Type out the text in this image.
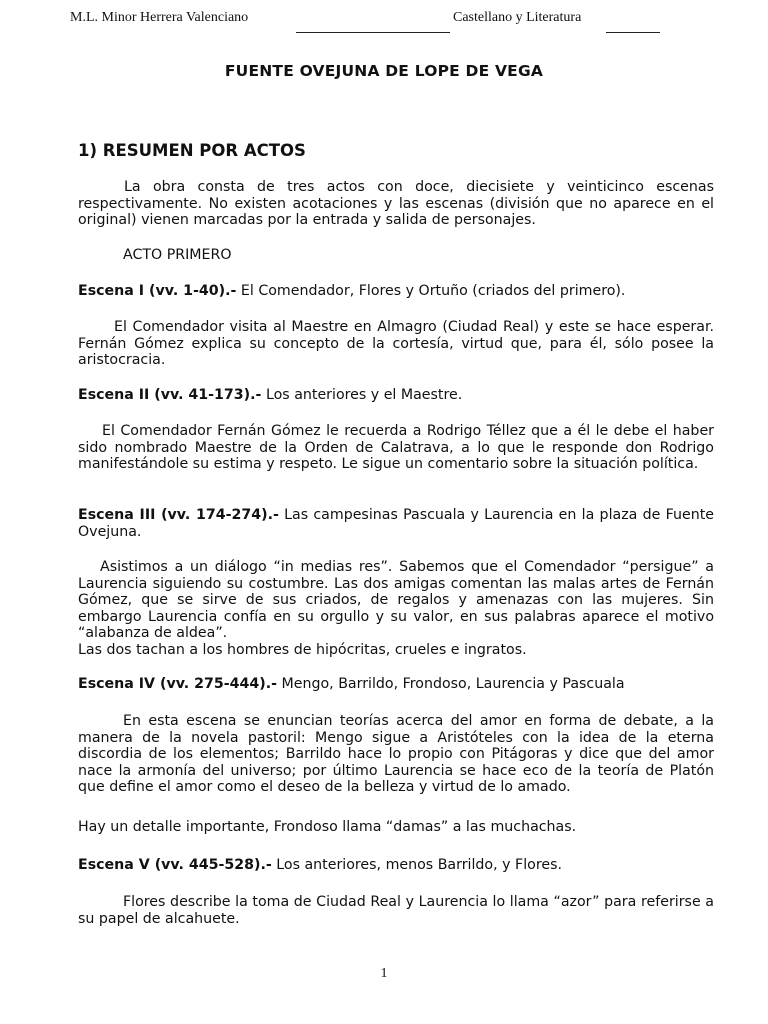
M.L. Minor Herrera Valenciano	Castellano y Literatura
FUENTE OVEJUNA DE LOPE DE VEGA
1) RESUMEN POR ACTOS

La obra consta de tres actos con doce, diecisiete y veinticinco escenas respectivamente. No existen acotaciones y las escenas (división que no aparece en el original) vienen marcadas por la entrada y salida de personajes.

ACTO PRIMERO

Escena I (vv. 1-40).- El Comendador, Flores y Ortuño (criados del primero).

El Comendador visita al Maestre en Almagro (Ciudad Real) y este se hace esperar. Fernán Gómez explica su concepto de la cortesía, virtud que, para él, sólo posee la aristocracia.

Escena II (vv. 41-173).- Los anteriores y el Maestre.

El Comendador Fernán Gómez le recuerda a Rodrigo Téllez que a él le debe el haber sido nombrado Maestre de la Orden de Calatrava, a lo que le responde don Rodrigo manifestándole su estima y respeto. Le sigue un comentario sobre la situación política.

Escena III (vv. 174-274).- Las campesinas Pascuala y Laurencia en la plaza de Fuente Ovejuna.

Asistimos a un diálogo “in medias res”. Sabemos que el Comendador “persigue” a Laurencia siguiendo su costumbre. Las dos amigas comentan las malas artes de Fernán Gómez, que se sirve de sus criados, de regalos y amenazas con las mujeres. Sin embargo Laurencia confía en su orgullo y su valor, en sus palabras aparece el motivo “alabanza de aldea”.

Las dos tachan a los hombres de hipócritas, crueles e ingratos.

Escena IV (vv. 275-444).- Mengo, Barrildo, Frondoso, Laurencia y Pascuala

En esta escena se enuncian teorías acerca del amor en forma de debate, a la manera de la novela pastoril: Mengo sigue a Aristóteles con la idea de la eterna discordia de los elementos; Barrildo hace lo propio con Pitágoras y dice que del amor nace la armonía del universo; por último Laurencia se hace eco de la teoría de Platón que define el amor como el deseo de la belleza y virtud de lo amado.

Hay un detalle importante, Frondoso llama “damas” a las muchachas.

Escena V (vv. 445-528).- Los anteriores, menos Barrildo, y Flores.

Flores describe la toma de Ciudad Real y Laurencia lo llama “azor” para referirse a su papel de alcahuete.

1
